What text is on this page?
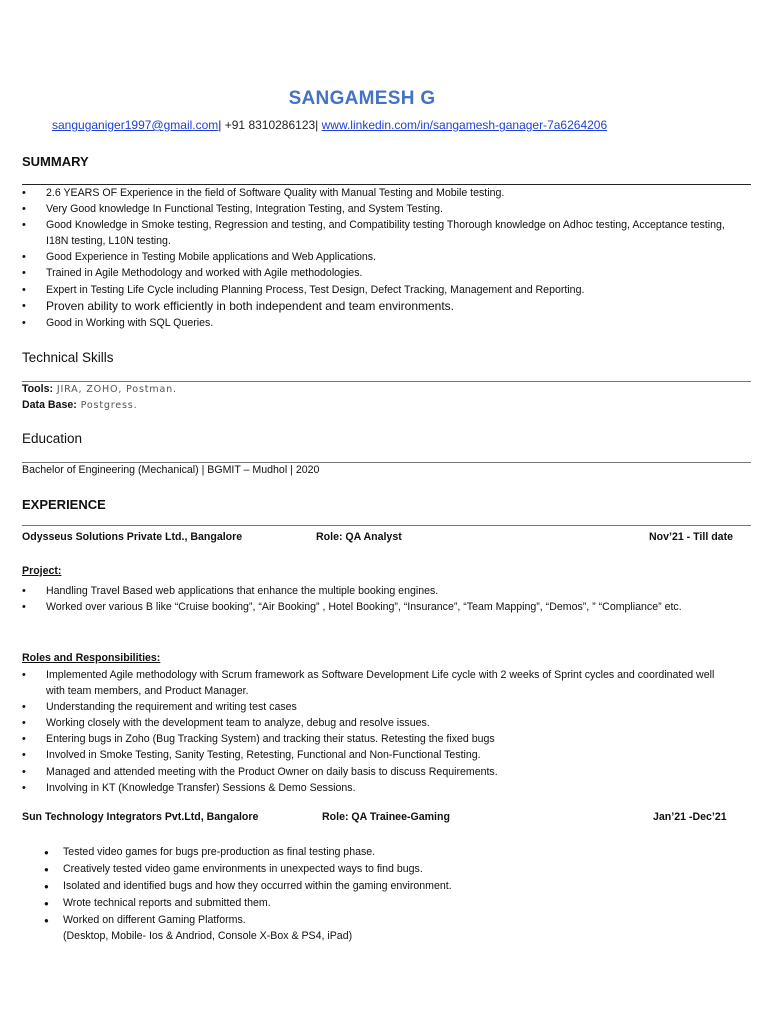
SANGAMESH G
sanguganiger1997@gmail.com| +91 8310286123| www.linkedin.com/in/sangamesh-ganager-7a6264206
SUMMARY
• 2.6 YEARS OF Experience in the field of Software Quality with Manual Testing and Mobile testing.
• Very Good knowledge In Functional Testing, Integration Testing, and System Testing.
• Good Knowledge in Smoke testing, Regression and testing, and Compatibility testing Thorough knowledge on Adhoc testing, Acceptance testing, I18N testing, L10N testing.
• Good Experience in Testing Mobile applications and Web Applications.
• Trained in Agile Methodology and worked with Agile methodologies.
• Expert in Testing Life Cycle including Planning Process, Test Design, Defect Tracking, Management and Reporting.
• Proven ability to work efficiently in both independent and team environments.
• Good in Working with SQL Queries.
Technical Skills
Tools: JIRA, ZOHO, Postman.
Data Base: Postgress.
Education
Bachelor of Engineering (Mechanical) | BGMIT – Mudhol | 2020
EXPERIENCE
Odysseus Solutions Private Ltd., Bangalore	Role: QA Analyst	Nov’21 - Till date
Project:
• Handling Travel Based web applications that enhance the multiple booking engines.
• Worked over various B like “Cruise booking”, “Air Booking” , Hotel Booking”, “Insurance”, “Team Mapping”, “Demos”, ” “Compliance” etc.
Roles and Responsibilities:
• Implemented Agile methodology with Scrum framework as Software Development Life cycle with 2 weeks of Sprint cycles and coordinated well with team members, and Product Manager.
• Understanding the requirement and writing test cases
• Working closely with the development team to analyze, debug and resolve issues.
• Entering bugs in Zoho (Bug Tracking System) and tracking their status. Retesting the fixed bugs
• Involved in Smoke Testing, Sanity Testing, Retesting, Functional and Non-Functional Testing.
• Managed and attended meeting with the Product Owner on daily basis to discuss Requirements.
• Involving in KT (Knowledge Transfer) Sessions & Demo Sessions.
Sun Technology Integrators Pvt.Ltd, Bangalore	Role: QA Trainee-Gaming	Jan’21 -Dec’21
● Tested video games for bugs pre-production as final testing phase.
● Creatively tested video game environments in unexpected ways to find bugs.
● Isolated and identified bugs and how they occurred within the gaming environment.
● Wrote technical reports and submitted them.
● Worked on different Gaming Platforms.
(Desktop, Mobile- Ios & Andriod, Console X-Box & PS4, iPad)
